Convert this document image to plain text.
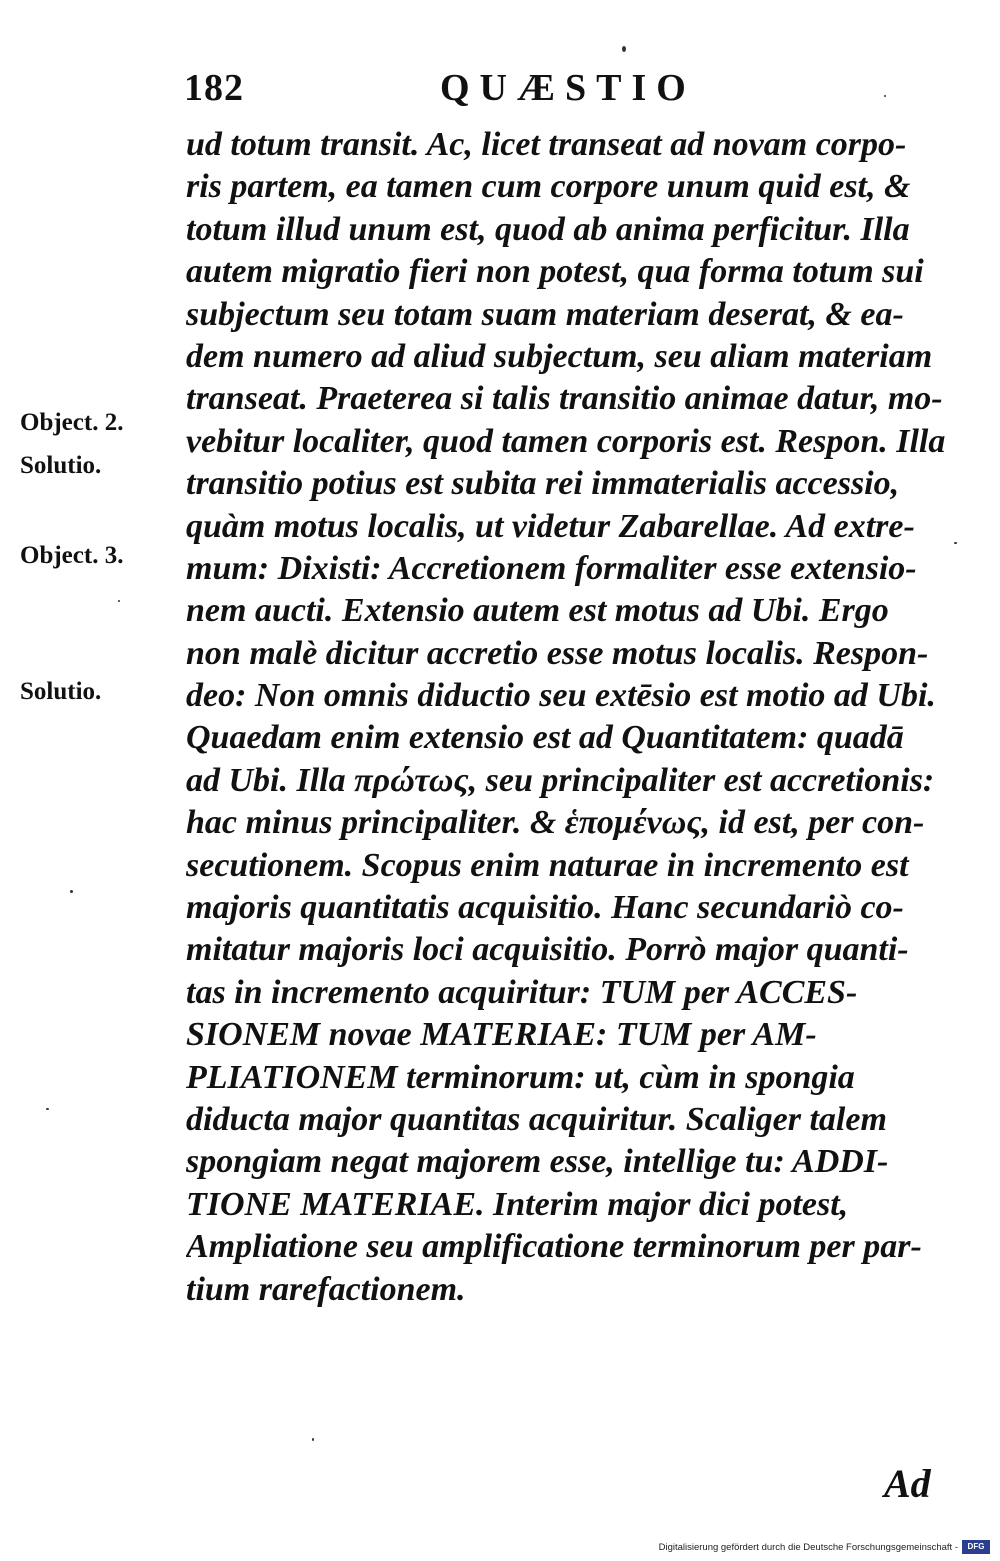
182	QUÆSTIO
ud totum transit. Ac, licet transeat ad novam corpo-
ris partem, ea tamen cum corpore unum quid est, &
totum illud unum est, quod ab anima perficitur. Illa
autem migratio fieri non potest, qua forma totum sui
subjectum seu totam suam materiam deserat, & ea-
dem numero ad aliud subjectum, seu aliam materiam
transeat. Praeterea si talis transitio animae datur, mo-
vebitur localiter, quod tamen corporis est. Respon. Illa
transitio potius est subita rei immaterialis accessio,
quàm motus localis, ut videtur Zabarellae. Ad extre-
mum: Dixisti: Accretionem formaliter esse extensio-
nem aucti. Extensio autem est motus ad Ubi. Ergo
non malè dicitur accretio esse motus localis. Respon-
deo: Non omnis diductio seu extēsio est motio ad Ubi.
Quaedam enim extensio est ad Quantitatem: quadā
ad Ubi. Illa πρώτως, seu principaliter est accretionis:
hac minus principaliter. & ἑπομένως, id est, per con-
secutionem. Scopus enim naturae in incremento est
majoris quantitatis acquisitio. Hanc secundariò co-
mitatur majoris loci acquisitio. Porrò major quanti-
tas in incremento acquiritur: TUM per ACCES-
SIONEM novae MATERIAE: TUM per AM-
PLIATIONEM terminorum: ut, cùm in spongia
diducta major quantitas acquiritur. Scaliger talem
spongiam negat majorem esse, intellige tu: ADDI-
TIONE MATERIAE. Interim major dici potest,
Ampliatione seu amplificatione terminorum per par-
tium rarefactionem.
Object. 2.
Solutio.
Object. 3.
Solutio.
Ad
Digitalisierung gefördert durch die Deutsche Forschungsgemeinschaft -	DFG
